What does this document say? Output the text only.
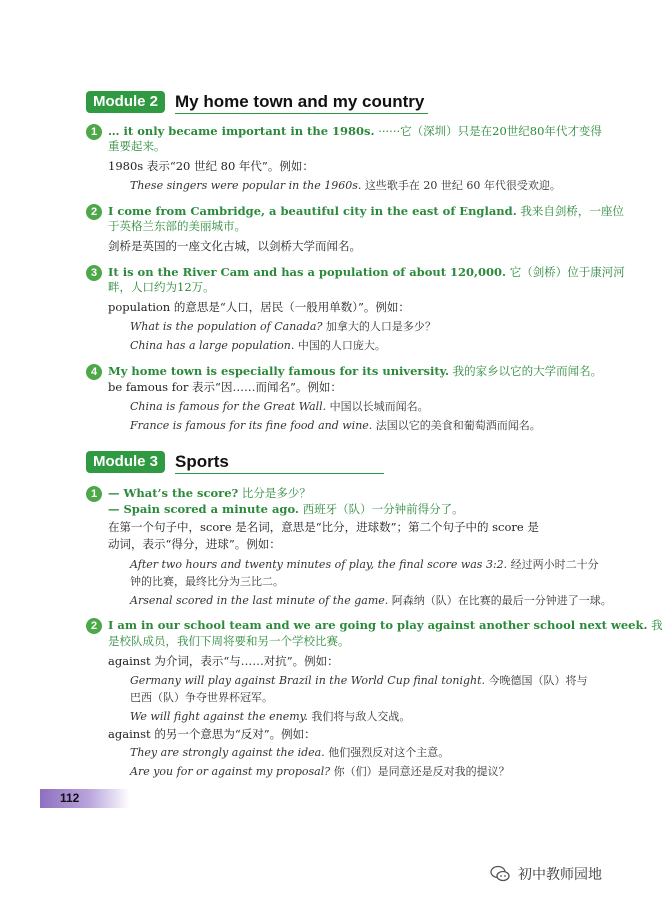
Module 2	My home town and my country
1 … it only became important in the 1980s. ······它（深圳）只是在20世纪80年代才变得
重要起来。
1980s 表示“20 世纪 80 年代”。例如：
These singers were popular in the 1960s. 这些歌手在 20 世纪 60 年代很受欢迎。
2 I come from Cambridge, a beautiful city in the east of England. 我来自剑桥，一座位
于英格兰东部的美丽城市。
剑桥是英国的一座文化古城，以剑桥大学而闻名。
3 It is on the River Cam and has a population of about 120,000. 它（剑桥）位于康河河
畔，人口约为12万。
population 的意思是“人口，居民（一般用单数）”。例如：
What is the population of Canada? 加拿大的人口是多少？
China has a large population. 中国的人口庞大。
4 My home town is especially famous for its university. 我的家乡以它的大学而闻名。
be famous for 表示“因……而闻名”。例如：
China is famous for the Great Wall. 中国以长城而闻名。
France is famous for its fine food and wine. 法国以它的美食和葡萄酒而闻名。
Module 3	Sports
1 — What’s the score? 比分是多少？
— Spain scored a minute ago. 西班牙（队）一分钟前得分了。
在第一个句子中，score 是名词，意思是“比分，进球数”；第二个句子中的 score 是
动词，表示“得分，进球”。例如：
After two hours and twenty minutes of play, the final score was 3:2. 经过两小时二十分
钟的比赛，最终比分为三比二。
Arsenal scored in the last minute of the game. 阿森纳（队）在比赛的最后一分钟进了一球。
2 I am in our school team and we are going to play against another school next week. 我
是校队成员，我们下周将要和另一个学校比赛。
against 为介词，表示“与……对抗”。例如：
Germany will play against Brazil in the World Cup final tonight. 今晚德国（队）将与
巴西（队）争夺世界杯冠军。
We will fight against the enemy. 我们将与敌人交战。
against 的另一个意思为“反对”。例如：
They are strongly against the idea. 他们强烈反对这个主意。
Are you for or against my proposal? 你（们）是同意还是反对我的提议？
112
初中教师园地
